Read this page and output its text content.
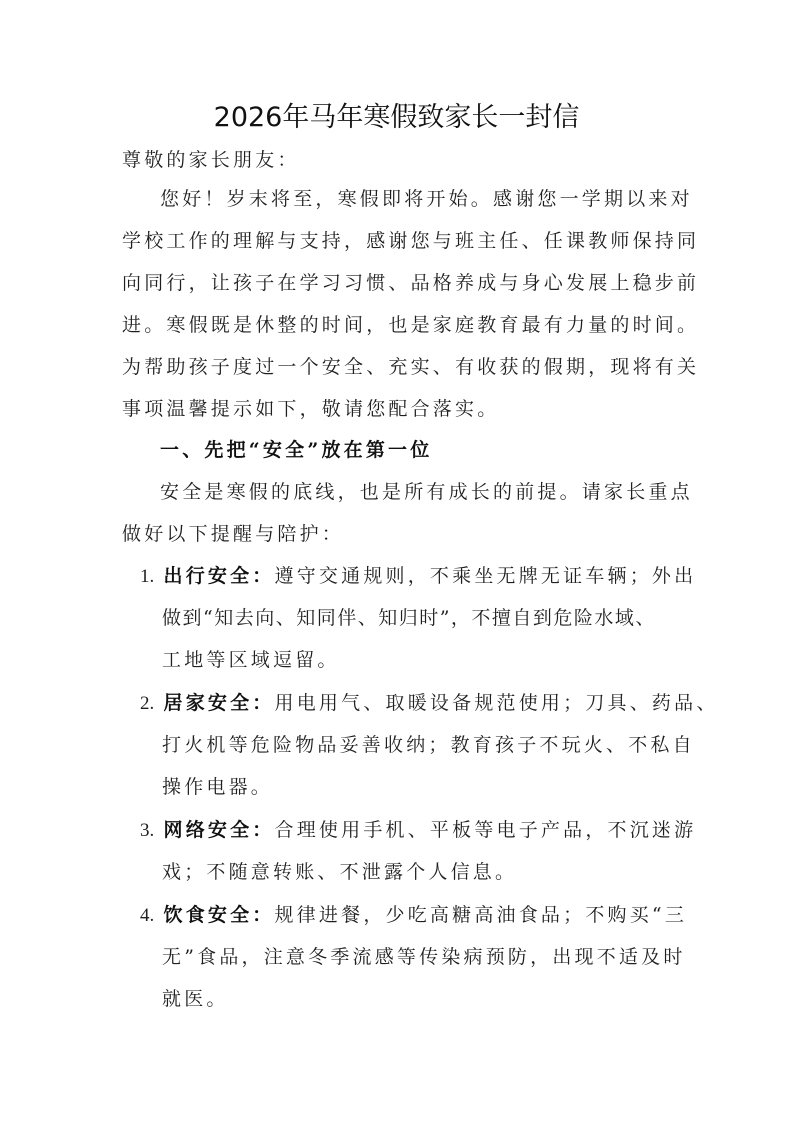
2026年马年寒假致家长一封信
尊敬的家长朋友：
您好！岁末将至，寒假即将开始。感谢您一学期以来对
学校工作的理解与支持，感谢您与班主任、任课教师保持同
向同行，让孩子在学习习惯、品格养成与身心发展上稳步前
进。寒假既是休整的时间，也是家庭教育最有力量的时间。
为帮助孩子度过一个安全、充实、有收获的假期，现将有关
事项温馨提示如下，敬请您配合落实。
一、先把“安全”放在第一位
安全是寒假的底线，也是所有成长的前提。请家长重点
做好以下提醒与陪护：
1. 出行安全：遵守交通规则，不乘坐无牌无证车辆；外出
做到“知去向、知同伴、知归时”，不擅自到危险水域、
工地等区域逗留。
2. 居家安全：用电用气、取暖设备规范使用；刀具、药品、
打火机等危险物品妥善收纳；教育孩子不玩火、不私自
操作电器。
3. 网络安全：合理使用手机、平板等电子产品，不沉迷游
戏；不随意转账、不泄露个人信息。
4. 饮食安全：规律进餐，少吃高糖高油食品；不购买“三
无”食品，注意冬季流感等传染病预防，出现不适及时
就医。
